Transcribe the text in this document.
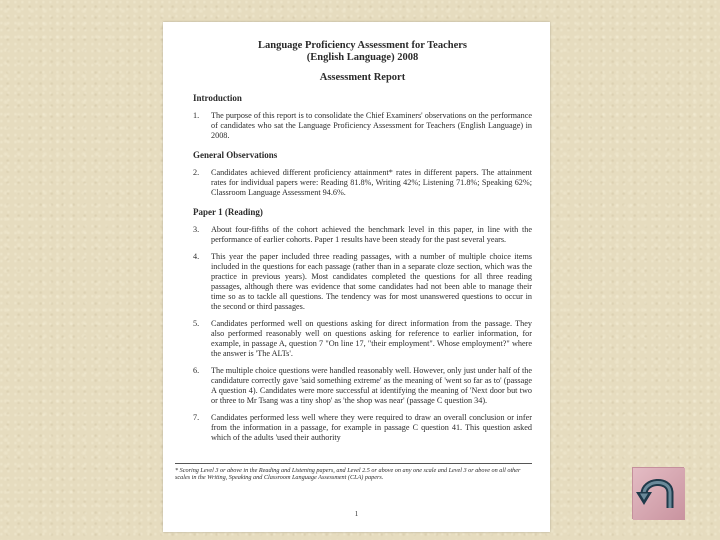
Language Proficiency Assessment for Teachers
(English Language) 2008
Assessment Report
Introduction
1.	The purpose of this report is to consolidate the Chief Examiners' observations on the performance of candidates who sat the Language Proficiency Assessment for Teachers (English Language) in 2008.
General Observations
2.	Candidates achieved different proficiency attainment* rates in different papers. The attainment rates for individual papers were: Reading 81.8%, Writing 42%; Listening 71.8%; Speaking 62%; Classroom Language Assessment 94.6%.
Paper 1 (Reading)
3.	About four-fifths of the cohort achieved the benchmark level in this paper, in line with the performance of earlier cohorts. Paper 1 results have been steady for the past several years.
4.	This year the paper included three reading passages, with a number of multiple choice items included in the questions for each passage (rather than in a separate cloze section, which was the practice in previous years). Most candidates completed the questions for all three reading passages, although there was evidence that some candidates had not been able to manage their time so as to tackle all questions. The tendency was for most unanswered questions to occur in the second or third passages.
5.	Candidates performed well on questions asking for direct information from the passage. They also performed reasonably well on questions asking for reference to earlier information, for example, in passage A, question 7 "On line 17, "their employment". Whose employment?" where the answer is 'The ALTs'.
6.	The multiple choice questions were handled reasonably well. However, only just under half of the candidature correctly gave 'said something extreme' as the meaning of 'went so far as to' (passage A question 4). Candidates were more successful at identifying the meaning of 'Next door but two or three to Mr Tsang was a tiny shop' as 'the shop was near' (passage C question 34).
7.	Candidates performed less well where they were required to draw an overall conclusion or infer from the information in a passage, for example in passage C question 41. This question asked which of the adults 'used their authority
* Scoring Level 3 or above in the Reading and Listening papers, and Level 2.5 or above on any one scale and Level 3 or above on all other scales in the Writing, Speaking and Classroom Language Assessment (CLA) papers.
1
